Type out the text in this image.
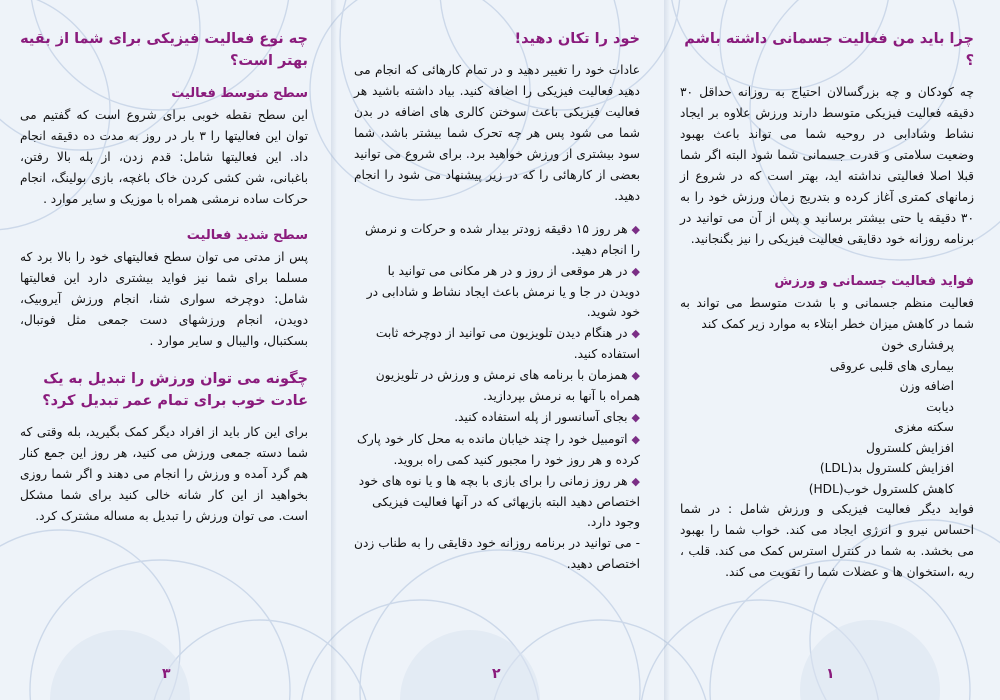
چرا باید من فعالیت جسمانی داشته باشم ؟

چه کودکان و چه بزرگسالان احتیاج به روزانه حداقل ۳۰ دقیقه فعالیت فیزیکی متوسط دارند ورزش علاوه بر ایجاد نشاط وشادابی در روحیه شما می تواند باعث بهبود وضعیت سلامتی و قدرت جسمانی شما شود البته اگر شما قبلا اصلا فعالیتی نداشته اید، بهتر است که در شروع از زمانهای کمتری آغاز کرده و بتدریج زمان ورزش خود را به ۳۰ دقیقه یا حتی بیشتر برسانید و پس از آن می توانید در برنامه روزانه خود دقایقی فعالیت فیزیکی را نیز بگنجانید.

فواید فعالیت جسمانی و ورزش

فعالیت منظم جسمانی و با شدت متوسط می تواند به شما در کاهش میزان خطر ابتلاء به موارد زیر کمک کند

پرفشاری خون
بیماری های قلبی عروقی
اضافه وزن
دیابت
سکته مغزی
افزایش کلسترول
افزایش کلسترول بد(LDL)
کاهش کلسترول خوب(HDL)

فواید دیگر فعالیت فیزیکی و ورزش شامل : در شما احساس نیرو و انرژی ایجاد می کند. خواب شما را بهبود می بخشد. به شما در کنترل استرس کمک می کند. قلب ، ریه ،استخوان ها و عضلات شما را تقویت می کند.

۱
خود را تکان دهید!

عادات خود را تغییر دهید و در تمام کارهائی که انجام می دهید فعالیت فیزیکی را اضافه کنید. بیاد داشته باشید هر فعالیت فیزیکی باعث سوختن کالری های اضافه در بدن شما می شود پس هر چه تحرک شما بیشتر باشد، شما سود بیشتری از ورزش خواهید برد. برای شروع می توانید بعضی از کارهائی را که در زیر پیشنهاد می شود را انجام دهید.

◆هر روز ۱۵ دقیقه زودتر بیدار شده و حرکات و نرمش را انجام دهید.
◆در هر موقعی از روز و در هر مکانی می توانید با دویدن در جا و یا نرمش باعث ایجاد نشاط و شادابی در خود شوید.
◆در هنگام دیدن تلویزیون می توانید از دوچرخه ثابت استفاده کنید.
◆همزمان با برنامه های نرمش و ورزش در تلویزیون همراه با آنها به نرمش بپردازید.
◆بجای آسانسور از پله استفاده کنید.
◆اتومبیل خود را چند خیابان مانده به محل کار خود پارک کرده و هر روز خود را مجبور کنید کمی راه بروید.
◆هر روز زمانی را برای بازی با بچه ها و یا نوه های خود اختصاص دهید البته بازیهائی که در آنها فعالیت فیزیکی وجود دارد.

- می توانید در برنامه روزانه خود دقایقی را به طناب زدن اختصاص دهید.

۲
چه نوع فعالیت فیزیکی برای شما از بقیه بهتر است؟
سطح متوسط فعالیت

این سطح نقطه خوبی برای شروع است که گفتیم می توان این فعالیتها را ۳ بار در روز به مدت ده دقیقه انجام داد. این فعالیتها شامل: قدم زدن، از پله بالا رفتن، باغبانی، شن کشی کردن خاک باغچه، بازی بولینگ، انجام حرکات ساده نرمشی همراه با موزیک و سایر موارد .

سطح شدید فعالیت

پس از مدتی می توان سطح فعالیتهای خود را بالا برد که مسلما برای شما نیز فواید بیشتری دارد این فعالیتها شامل: دوچرخه سواری شنا، انجام ورزش آیروبیک، دویدن، انجام ورزشهای دست جمعی مثل فوتبال، بسکتبال، والیبال و سایر موارد .

چگونه می توان ورزش را تبدیل به یک عادت خوب برای تمام عمر تبدیل کرد؟

برای این کار باید از افراد دیگر کمک بگیرید، بله وقتی که شما دسته جمعی ورزش می کنید، هر روز این جمع کنار هم گرد آمده و ورزش را انجام می دهند و اگر شما روزی بخواهید از این کار شانه خالی کنید برای شما مشکل است. می توان ورزش را تبدیل به مساله مشترک کرد.

۳
